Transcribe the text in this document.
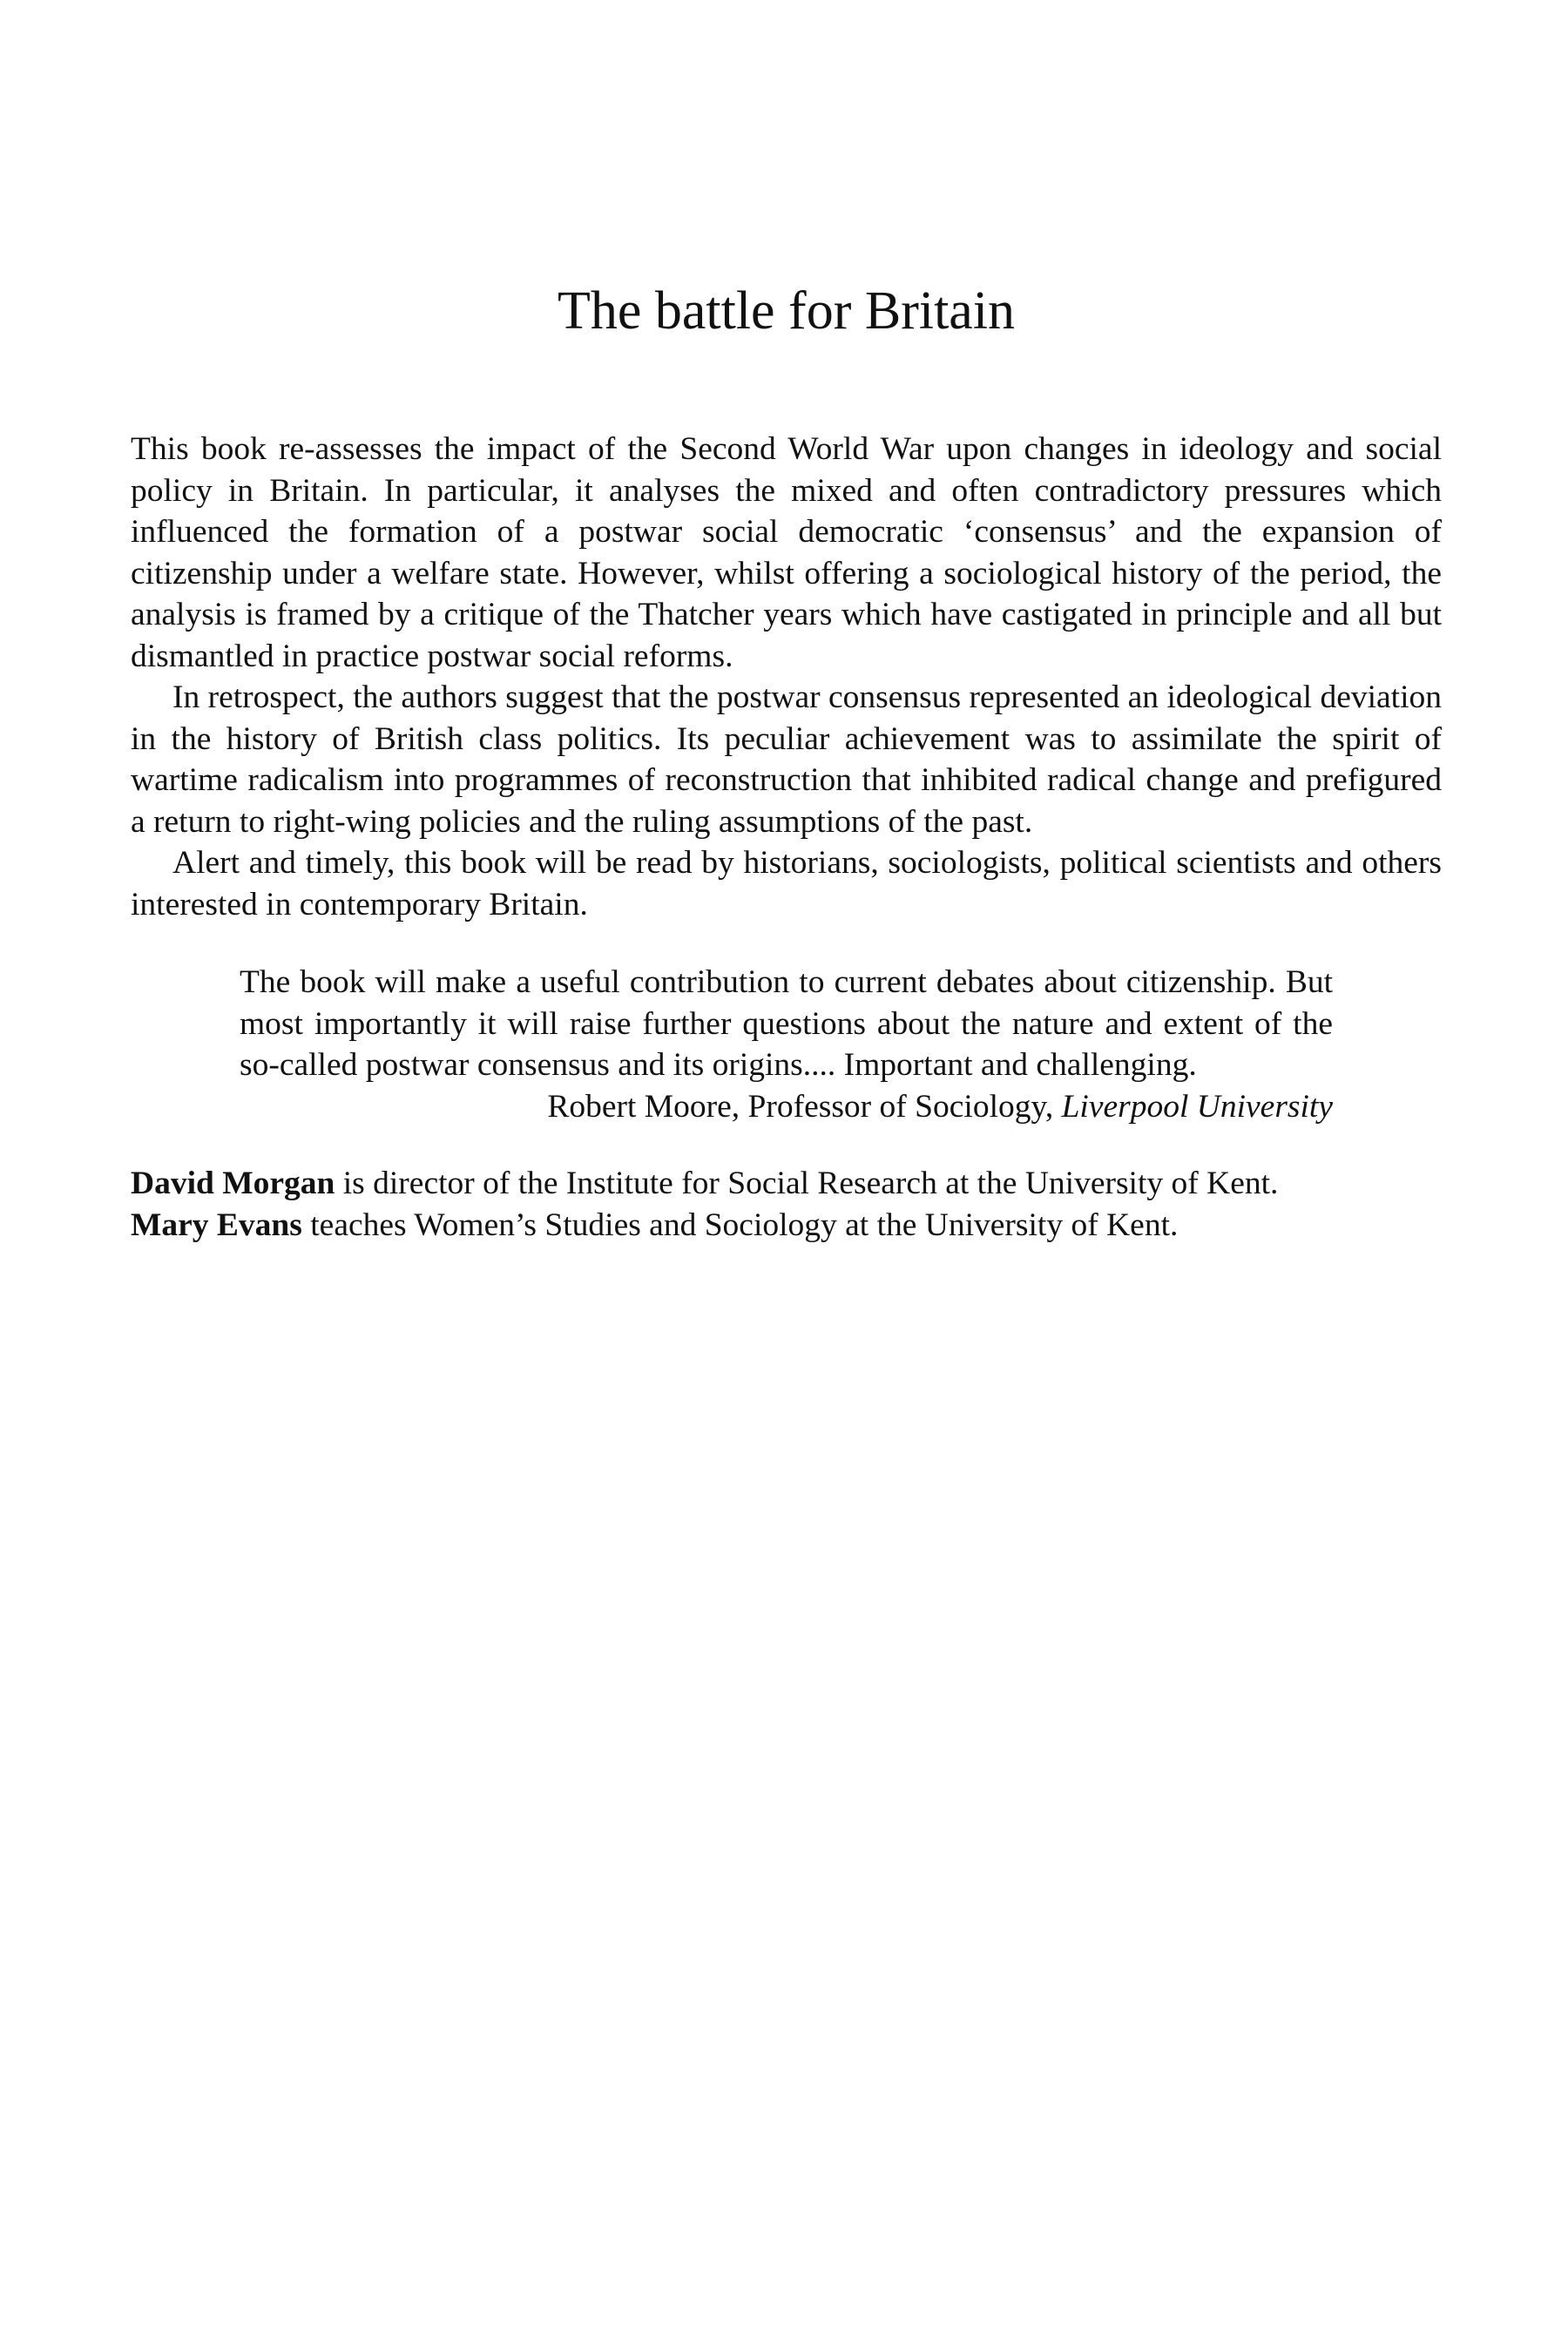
The battle for Britain

This book re-assesses the impact of the Second World War upon changes in ideology and social policy in Britain. In particular, it analyses the mixed and often contradictory pressures which influenced the formation of a postwar social democratic ‘consensus’ and the expansion of citizenship under a welfare state. However, whilst offering a sociological history of the period, the analysis is framed by a critique of the Thatcher years which have castigated in principle and all but dismantled in practice postwar social reforms.

In retrospect, the authors suggest that the postwar consensus represented an ideological deviation in the history of British class politics. Its peculiar achievement was to assimilate the spirit of wartime radicalism into programmes of reconstruction that inhibited radical change and prefigured a return to right-wing policies and the ruling assumptions of the past.

Alert and timely, this book will be read by historians, sociologists, political scientists and others interested in contemporary Britain.

The book will make a useful contribution to current debates about citizenship. But most importantly it will raise further questions about the nature and extent of the so-called postwar consensus and its origins.... Important and challenging.

Robert Moore, Professor of Sociology, Liverpool University

David Morgan is director of the Institute for Social Research at the University of Kent.

Mary Evans teaches Women’s Studies and Sociology at the University of Kent.
